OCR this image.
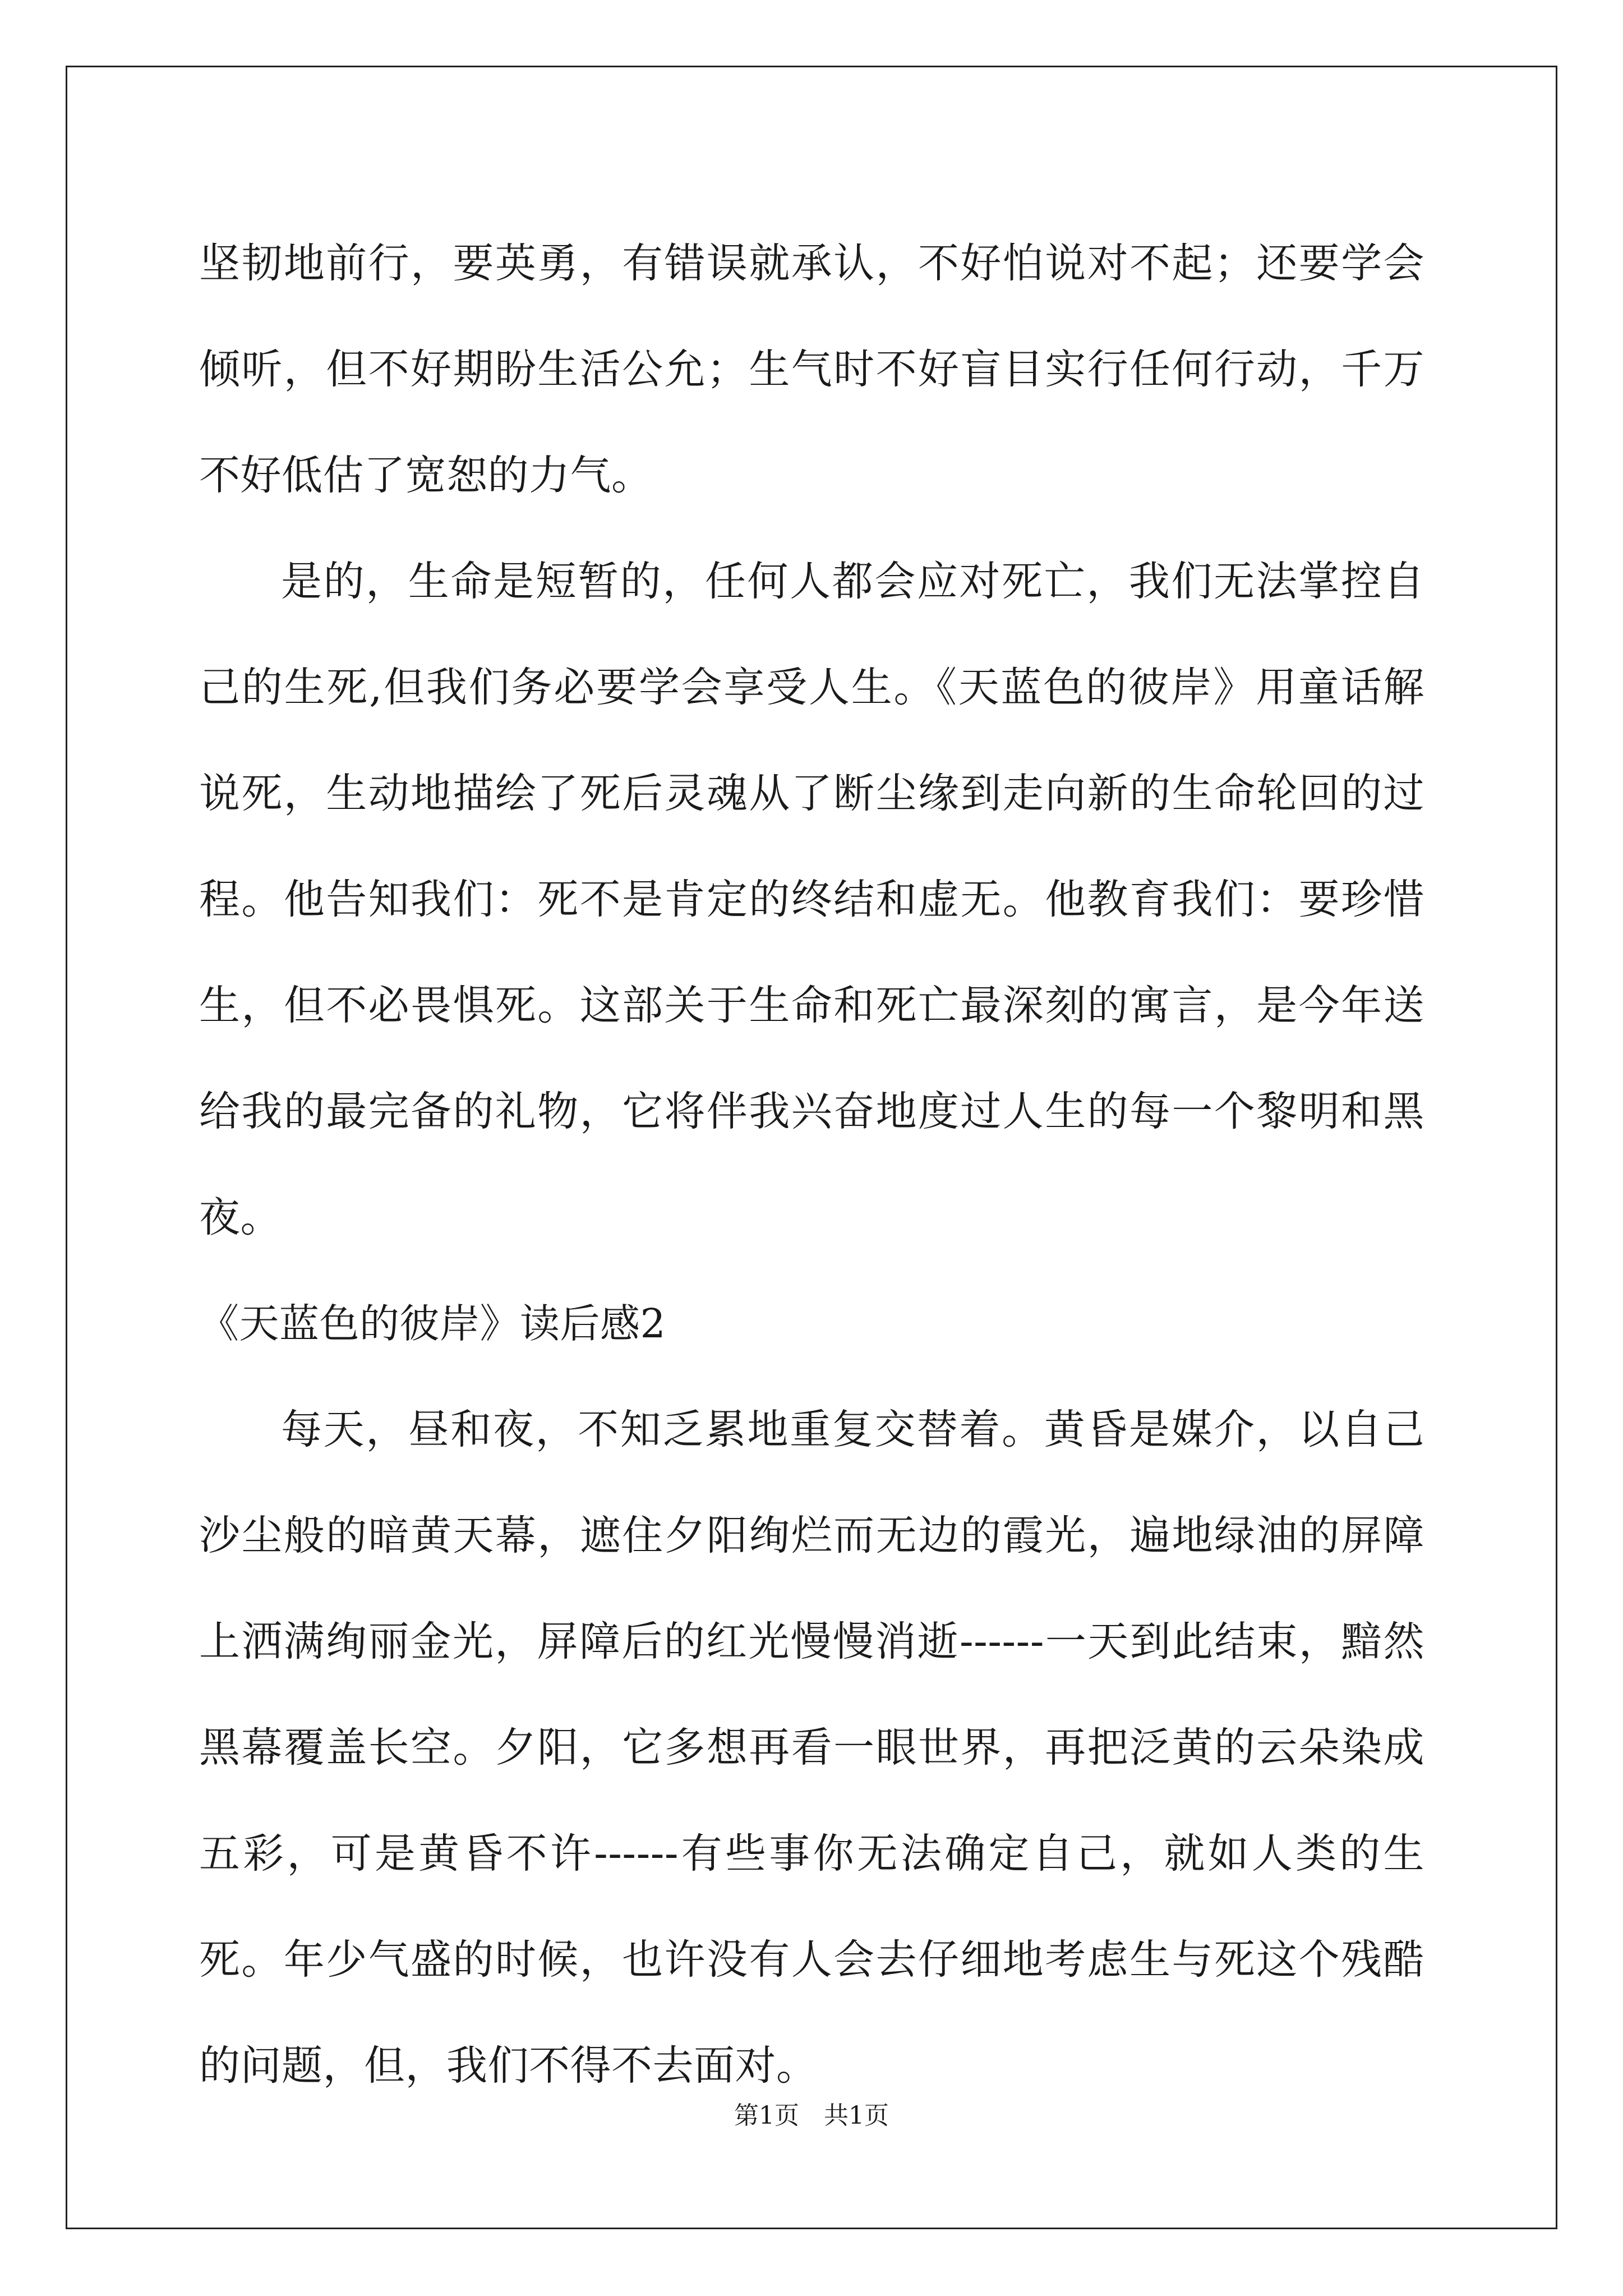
坚韧地前行，要英勇，有错误就承认，不好怕说对不起；还要学会倾听，但不好期盼生活公允；生气时不好盲目实行任何行动，千万不好低估了宽恕的力气。

是的，生命是短暂的，任何人都会应对死亡，我们无法掌控自己的生死,但我们务必要学会享受人生。《天蓝色的彼岸》用童话解说死，生动地描绘了死后灵魂从了断尘缘到走向新的生命轮回的过程。他告知我们：死不是肯定的终结和虚无。他教育我们：要珍惜生，但不必畏惧死。这部关于生命和死亡最深刻的寓言，是今年送给我的最完备的礼物，它将伴我兴奋地度过人生的每一个黎明和黑夜。

《天蓝色的彼岸》读后感2

每天，昼和夜，不知乏累地重复交替着。黄昏是媒介，以自己沙尘般的暗黄天幕，遮住夕阳绚烂而无边的霞光，遍地绿油的屏障上洒满绚丽金光，屏障后的红光慢慢消逝------一天到此结束，黯然黑幕覆盖长空。夕阳，它多想再看一眼世界，再把泛黄的云朵染成五彩，可是黄昏不许------有些事你无法确定自己，就如人类的生死。年少气盛的时候，也许没有人会去仔细地考虑生与死这个残酷的问题，但，我们不得不去面对。

第1页　共1页
